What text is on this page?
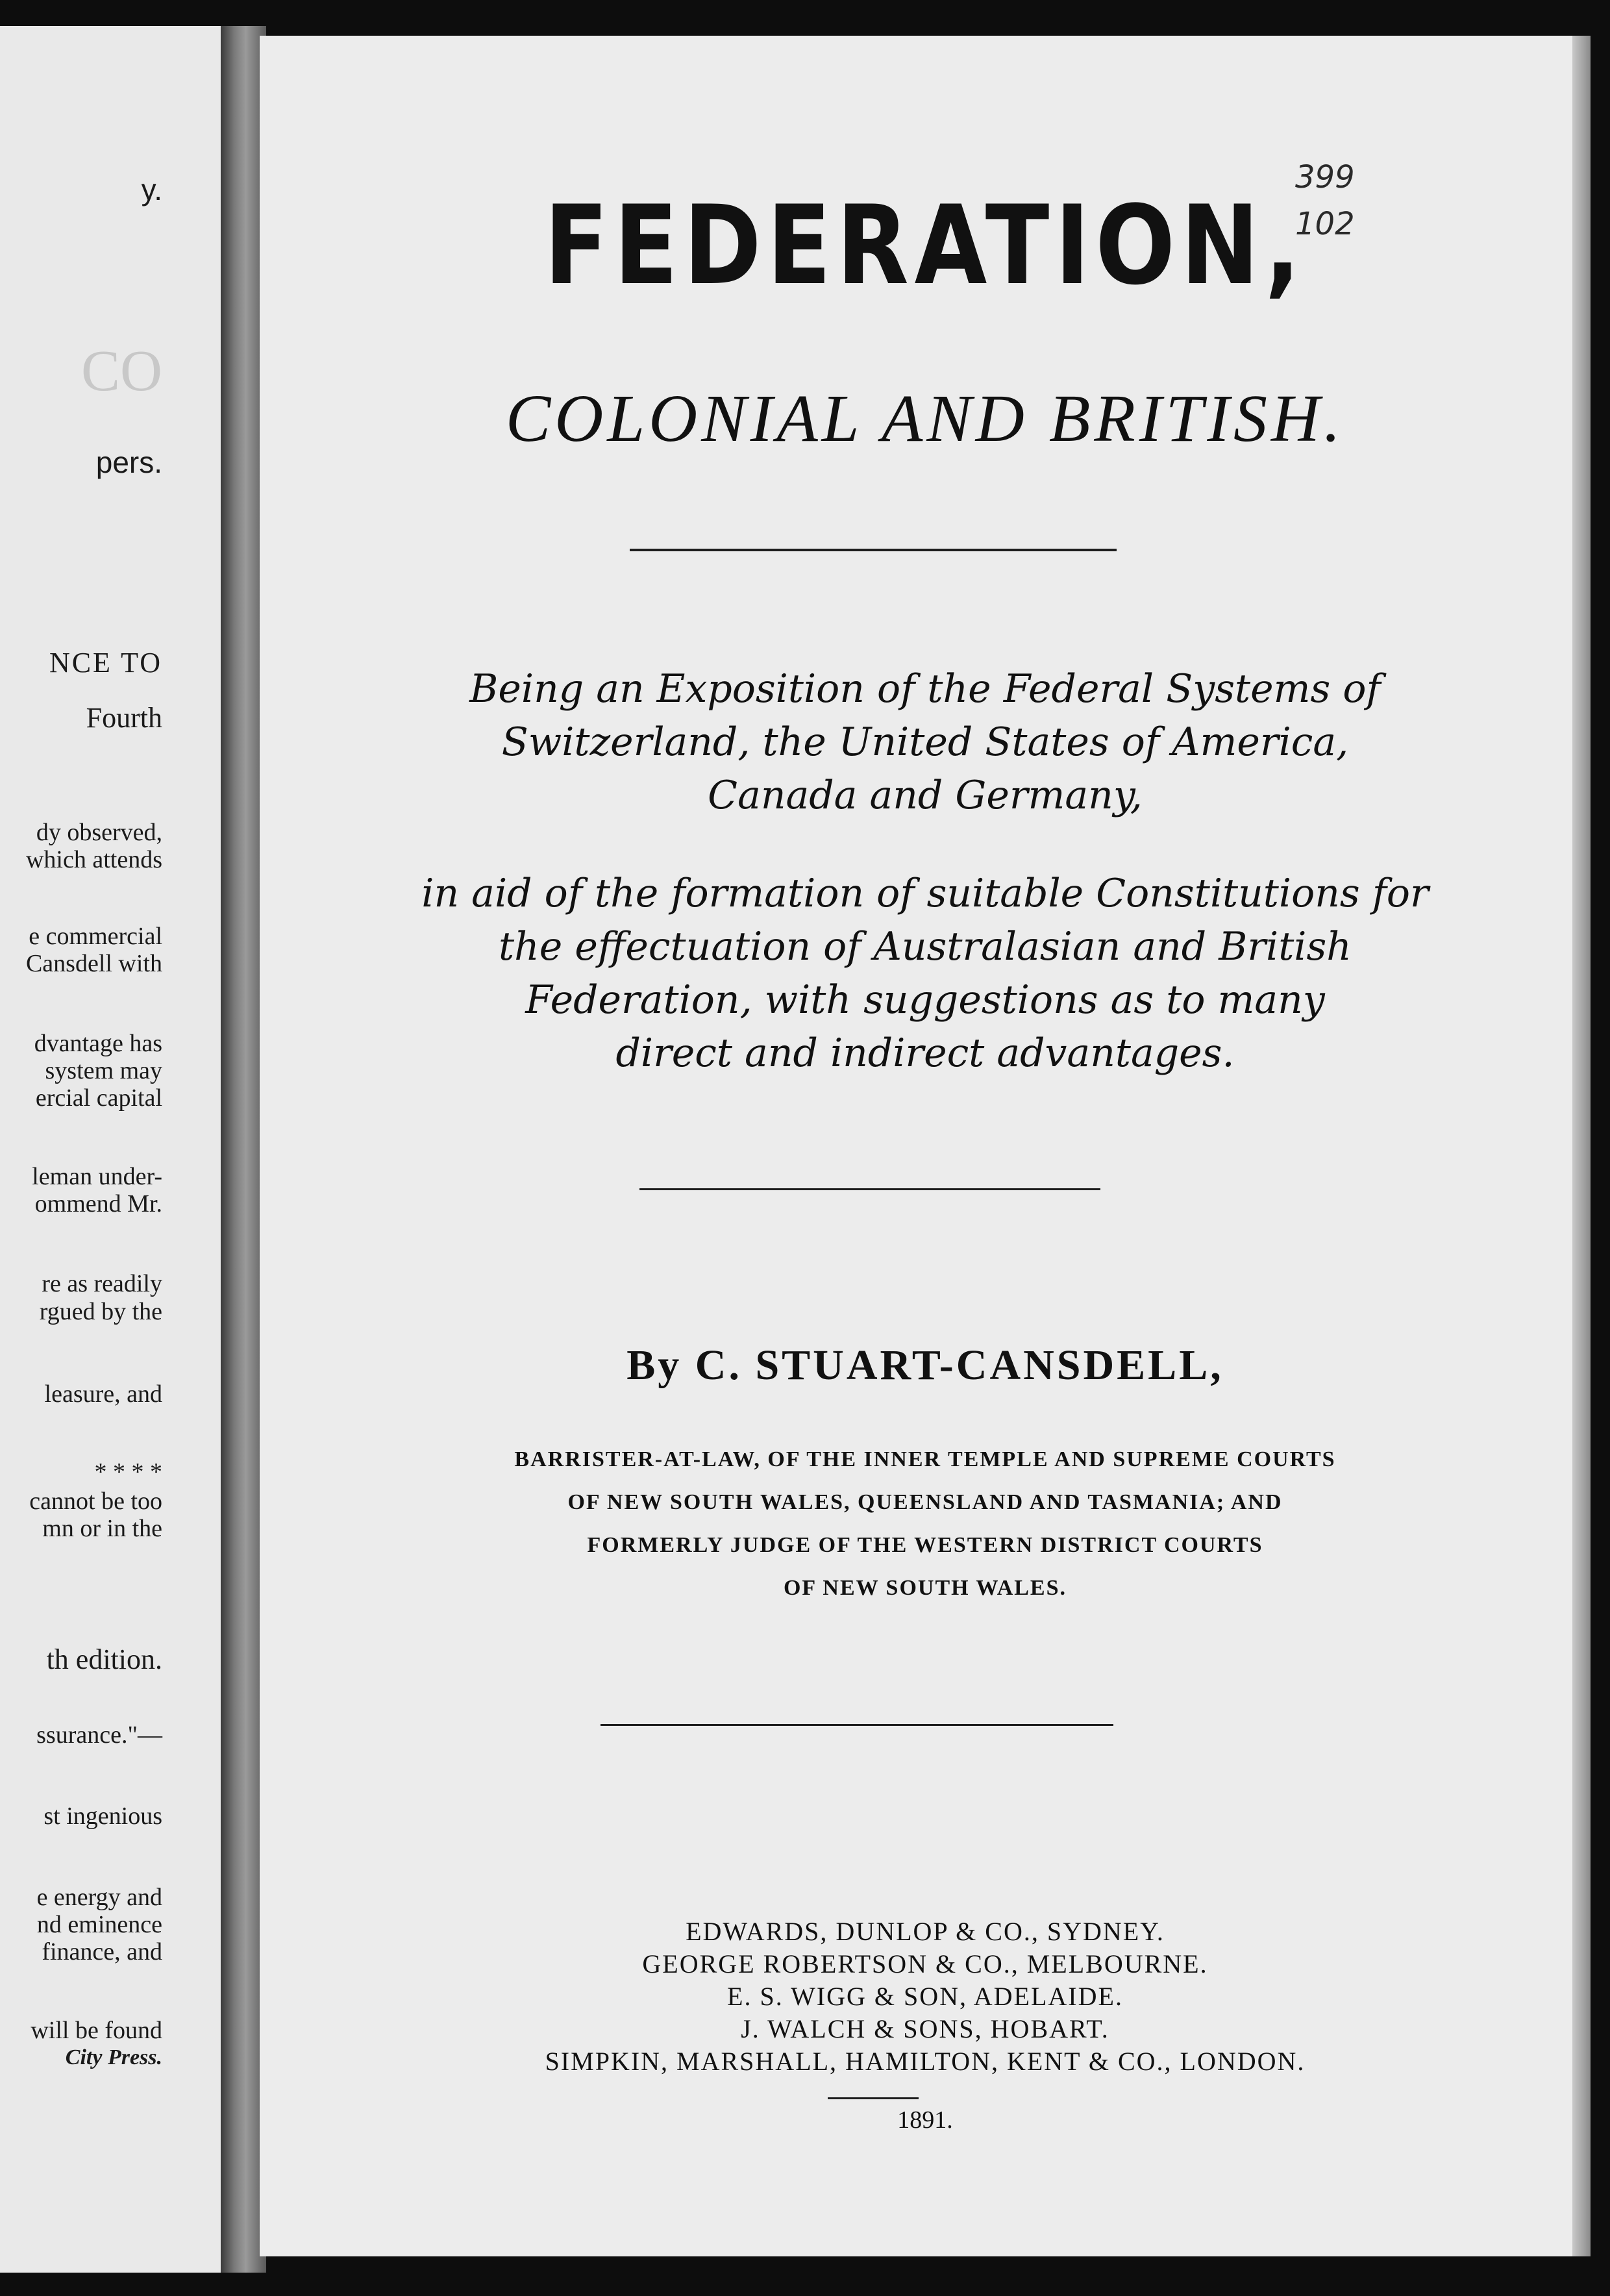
y.
CO
pers.
NCE TO
Fourth
dy observed,
which attends
e commercial
Cansdell with
dvantage has
system may
ercial capital
leman under-
ommend Mr.
re as readily
rgued by the
leasure, and
* * * *
cannot be too
mn or in the
th edition.
ssurance."—
st ingenious
e energy and
nd eminence
finance, and
will be found
City Press.
399
102
FEDERATION,
COLONIAL AND BRITISH.
Being an Exposition of the Federal Systems of
Switzerland, the United States of America,
Canada and Germany,
in aid of the formation of suitable Constitutions for
the effectuation of Australasian and British
Federation, with suggestions as to many
direct and indirect advantages.
By C. STUART-CANSDELL,
BARRISTER-AT-LAW, OF THE INNER TEMPLE AND SUPREME COURTS
OF NEW SOUTH WALES, QUEENSLAND AND TASMANIA; AND
FORMERLY JUDGE OF THE WESTERN DISTRICT COURTS
OF NEW SOUTH WALES.
EDWARDS, DUNLOP & CO., SYDNEY.
GEORGE ROBERTSON & CO., MELBOURNE.
E. S. WIGG & SON, ADELAIDE.
J. WALCH & SONS, HOBART.
SIMPKIN, MARSHALL, HAMILTON, KENT & CO., LONDON.
1891.
